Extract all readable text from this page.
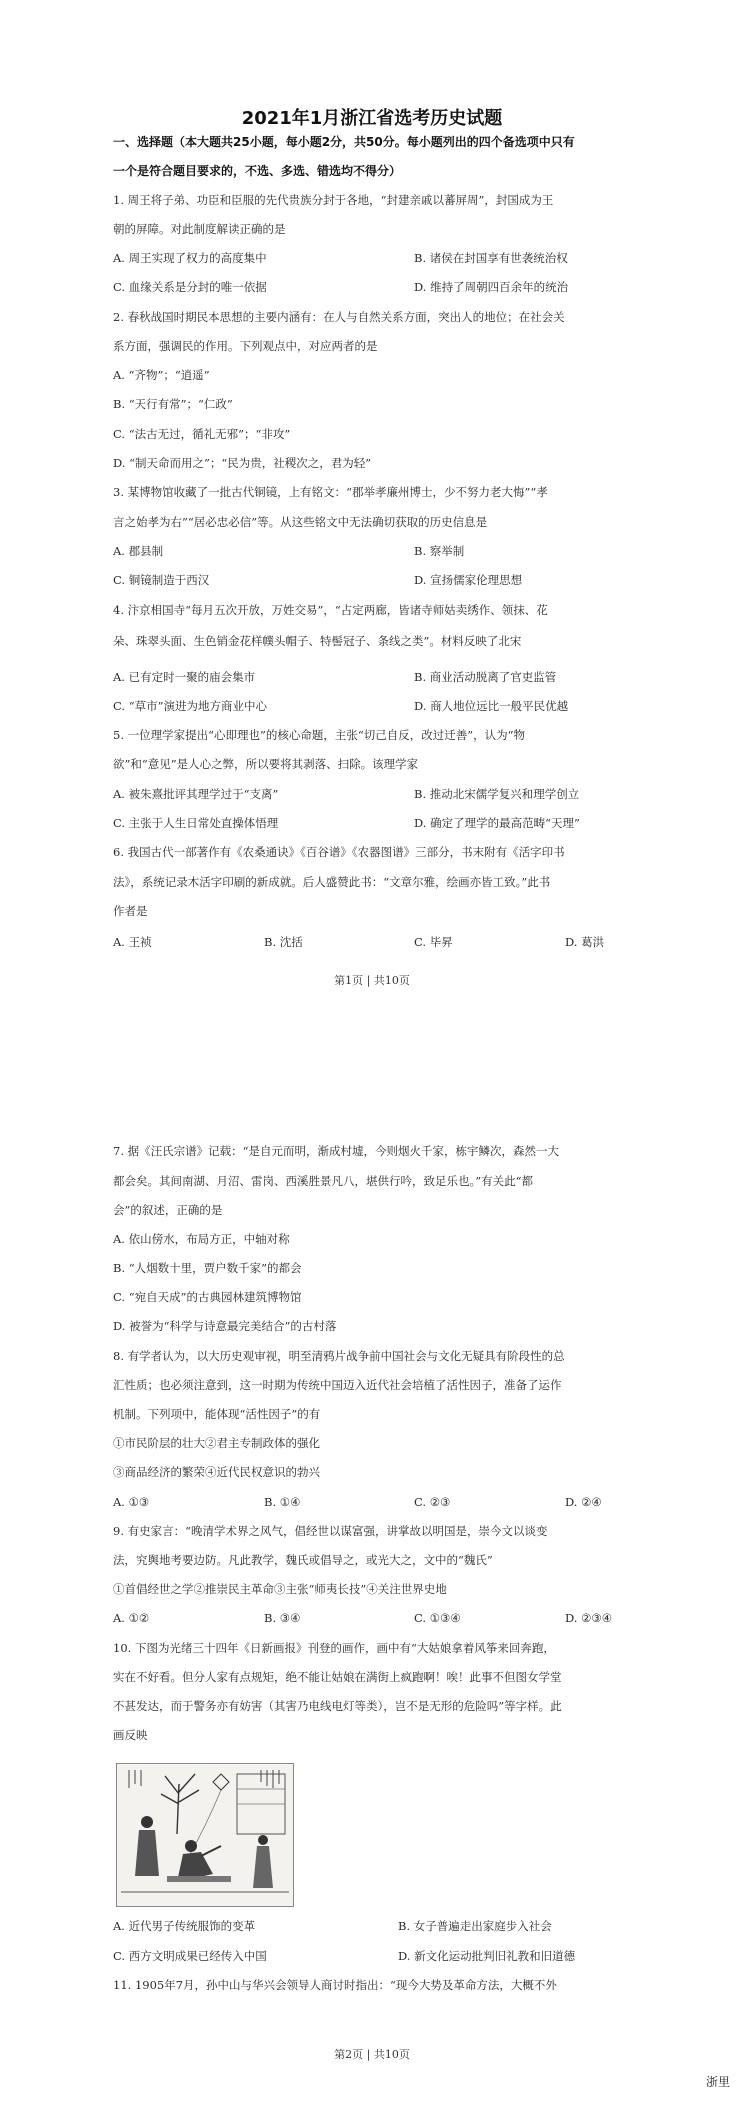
2021年1月浙江省选考历史试题
一、选择题（本大题共25小题，每小题2分，共50分。每小题列出的四个备选项中只有
一个是符合题目要求的，不选、多选、错选均不得分）
1. 周王将子弟、功臣和臣服的先代贵族分封于各地，“封建亲戚以蕃屏周”，封国成为王
朝的屏障。对此制度解读正确的是
A. 周王实现了权力的高度集中	B. 诸侯在封国享有世袭统治权
C. 血缘关系是分封的唯一依据	D. 维持了周朝四百余年的统治
2. 春秋战国时期民本思想的主要内涵有：在人与自然关系方面，突出人的地位；在社会关
系方面，强调民的作用。下列观点中，对应两者的是
A. “齐物”；“逍遥”
B. “天行有常”；“仁政”
C. “法古无过，循礼无邪”；“非攻”
D. “制天命而用之”；“民为贵，社稷次之，君为轻”
3. 某博物馆收藏了一批古代铜镜，上有铭文：“郡举孝廉州博士，少不努力老大悔”“孝
言之始孝为右”“居必忠必信”等。从这些铭文中无法确切获取的历史信息是
A. 郡县制	B. 察举制
C. 铜镜制造于西汉	D. 宣扬儒家伦理思想
4. 汴京相国寺“每月五次开放，万姓交易”，“占定两廊，皆诸寺师姑卖绣作、领抹、花
朵、珠翠头面、生色销金花样幞头帽子、特髻冠子、条线之类”。材料反映了北宋
A. 已有定时一聚的庙会集市	B. 商业活动脱离了官吏监管
C. “草市”演进为地方商业中心	D. 商人地位远比一般平民优越
5. 一位理学家提出“心即理也”的核心命题，主张“切己自反，改过迁善”，认为“物
欲”和“意见”是人心之弊，所以要将其剥落、扫除。该理学家
A. 被朱熹批评其理学过于“支离”	B. 推动北宋儒学复兴和理学创立
C. 主张于人生日常处直操体悟理	D. 确定了理学的最高范畴“天理”
6. 我国古代一部著作有《农桑通诀》《百谷谱》《农器图谱》三部分，书末附有《活字印书
法》，系统记录木活字印刷的新成就。后人盛赞此书：“文章尔雅，绘画亦皆工致。”此书
作者是
A. 王祯	B. 沈括	C. 毕昇	D. 葛洪
第1页 | 共10页
7. 据《汪氏宗谱》记载：“是自元而明，渐成村墟，今则烟火千家，栋宇鳞次，森然一大
都会矣。其间南湖、月沼、雷岗、西溪胜景凡八，堪供行吟，致足乐也。”有关此“都
会”的叙述，正确的是
A. 依山傍水，布局方正，中轴对称
B. “人烟数十里，贾户数千家”的都会
C. “宛自天成”的古典园林建筑博物馆
D. 被誉为“科学与诗意最完美结合”的古村落
8. 有学者认为，以大历史观审视，明至清鸦片战争前中国社会与文化无疑具有阶段性的总
汇性质；也必须注意到，这一时期为传统中国迈入近代社会培植了活性因子，准备了运作
机制。下列项中，能体现“活性因子”的有
①市民阶层的壮大②君主专制政体的强化
③商品经济的繁荣④近代民权意识的勃兴
A. ①③	B. ①④	C. ②③	D. ②④
9. 有史家言：“晚清学术界之风气，倡经世以谋富强，讲掌故以明国是，崇今文以谈变
法，究舆地考要边防。凡此教学，魏氏或倡导之，或光大之，文中的“魏氏”
①首倡经世之学②推崇民主革命③主张“师夷长技”④关注世界史地
A. ①②	B. ③④	C. ①③④	D. ②③④
10. 下图为光绪三十四年《日新画报》刊登的画作，画中有“大姑娘拿着风筝来回奔跑，
实在不好看。但分人家有点规矩，绝不能让姑娘在满街上疯跑啊！唉！此事不但图女学堂
不甚发达，而于警务亦有妨害（其害乃电线电灯等类），岂不是无形的危险吗”等字样。此
画反映
A. 近代男子传统服饰的变革	B. 女子普遍走出家庭步入社会
C. 西方文明成果已经传入中国	D. 新文化运动批判旧礼教和旧道德
11. 1905年7月，孙中山与华兴会领导人商讨时指出：“现今大势及革命方法，大概不外
第2页 | 共10页
浙里
